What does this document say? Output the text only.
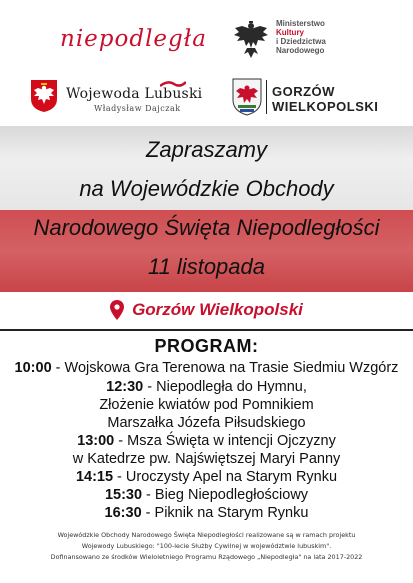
niepodległa
Ministerstwo
Kultury
i Dziedzictwa
Narodowego
Wojewoda Lubuski
Władysław Dajczak
GORZÓW
WIELKOPOLSKI
Zapraszamy
na Wojewódzkie Obchody
Narodowego Święta Niepodległości
11 listopada
Gorzów Wielkopolski
PROGRAM:
10:00 - Wojskowa Gra Terenowa na Trasie Siedmiu Wzgórz
12:30 - Niepodległa do Hymnu,
Złożenie kwiatów pod Pomnikiem
Marszałka Józefa Piłsudskiego
13:00 - Msza Święta w intencji Ojczyzny
w Katedrze pw. Najświętszej Maryi Panny
14:15 - Uroczysty Apel na Starym Rynku
15:30 - Bieg Niepodległościowy
16:30 - Piknik na Starym Rynku
Wojewódzkie Obchody Narodowego Święta Niepodległości realizowane są w ramach projektu
Wojewody Lubuskiego: "100-lecie Służby Cywilnej w województwie lubuskim".
Dofinansowano ze środków Wieloletniego Programu Rządowego „Niepodległa" na lata 2017-2022
